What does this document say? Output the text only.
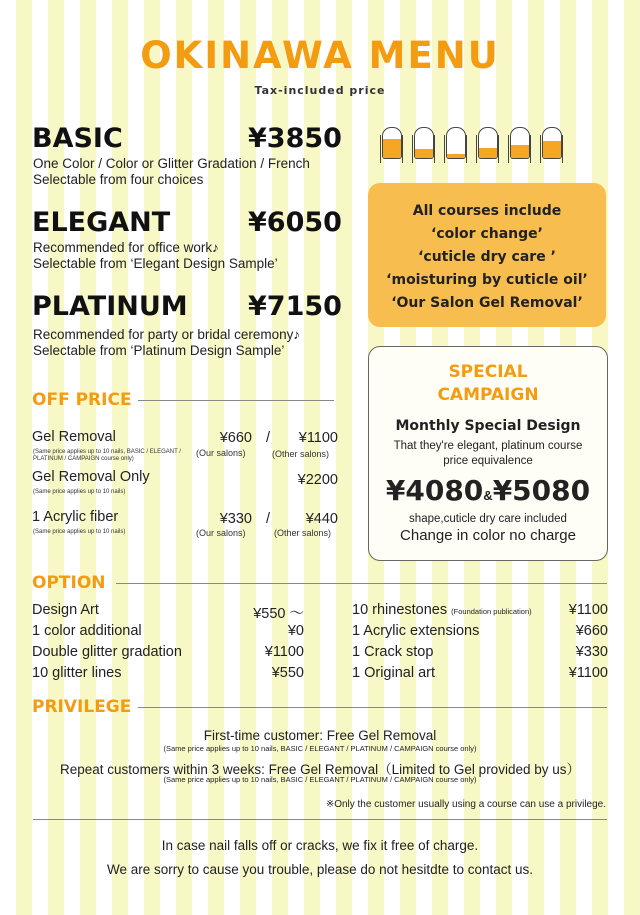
OKINAWA MENU
Tax-included price
BASIC	¥3850
One Color / Color or Glitter Gradation / French
Selectable from four choices
ELEGANT	¥6050
Recommended for office work♪
Selectable from ‘Elegant Design Sample’
PLATINUM ¥7150
Recommended for party or bridal ceremony♪
Selectable from ‘Platinum Design Sample’
All courses include
‘color change’
‘cuticle dry care ’
‘moisturing by cuticle oil’
‘Our Salon Gel Removal’
OFF PRICE
Gel Removal
(Same price applies up to 10 nails, BASIC / ELEGANT / PLATINUM / CAMPAIGN course only)
¥660 /	¥1100
(Our salons)	(Other salons)
Gel Removal Only
(Same price applies up to 10 nails)
¥2200
1 Acrylic fiber
(Same price applies up to 10 nails)
¥330 /	¥440
(Our salons)	(Other salons)
SPECIAL
CAMPAIGN
Monthly Special Design
That they're elegant, platinum course
price equivalence
¥4080&¥5080
shape,cuticle dry care included
Change in color no charge
OPTION
Design Art	¥550 〜
1 color additional	¥0
Double glitter gradation	¥1100
10 glitter lines	¥550
10 rhinestones (Foundation publication)	¥1100
1 Acrylic extensions	¥660
1 Crack stop	¥330
1 Original art	¥1100
PRIVILEGE
First-time customer: Free Gel Removal
(Same price applies up to 10 nails, BASIC / ELEGANT / PLATINUM / CAMPAIGN course only)
Repeat customers within 3 weeks: Free Gel Removal（Limited to Gel provided by us）
(Same price applies up to 10 nails, BASIC / ELEGANT / PLATINUM / CAMPAIGN course only)
※Only the customer usually using a course can use a privilege.
In case nail falls off or cracks, we fix it free of charge.
We are sorry to cause you trouble, please do not hesitdte to contact us.
